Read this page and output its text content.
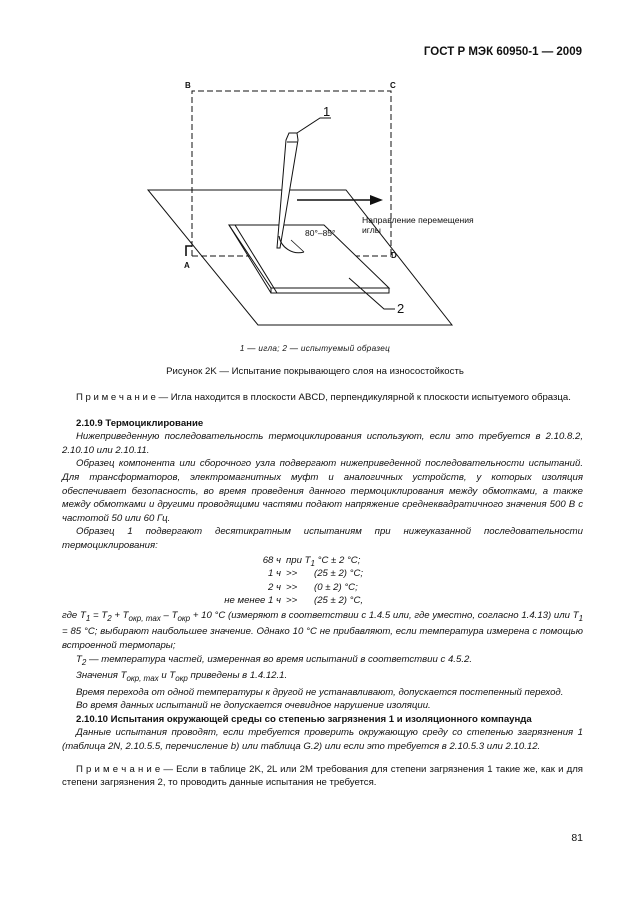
ГОСТ Р МЭК 60950-1 — 2009
B	C
A
D
1
2
80°–85°
Направление перемещения
иглы
1 — игла; 2 — испытуемый образец
Рисунок 2K — Испытание покрывающего слоя на износостойкость

П р и м е ч а н и е — Игла находится в плоскости ABCD, перпендикулярной к плоскости испытуемого образца.

2.10.9 Термоциклирование

Нижеприведенную последовательность термоциклирования используют, если это требуется в 2.10.8.2, 2.10.10 или 2.10.11.

Образец компонента или сборочного узла подвергают нижеприведенной последовательности испытаний. Для трансформаторов, электромагнитных муфт и аналогичных устройств, у которых изоляция обеспечивает безопасность, во время проведения данного термоциклирования между обмотками, а также между обмотками и другими проводящими частями подают напряжение среднеквадратичного значения 500 В с частотой 50 или 60 Гц.

Образец 1 подвергают десятикратным испытаниям при нижеуказанной последовательности термоциклирования:

68 ч при $T_1$ °C ± 2 °C;
1 ч >>	(25 ± 2) °C;
2 ч >>	(0 ± 2) °C;
не менее 1 ч >>	(25 ± 2) °C,

где $T_1 = T_2 + T_{окр, max} - T_{окр} + 10$ °C (измеряют в соответствии с 1.4.5 или, где уместно, согласно 1.4.13) или $T_1 = 85$ °C; выбирают наибольшее значение. Однако 10 °C не прибавляют, если температура измерена с помощью встроенной термопары;

$T_2$ — температура частей, измеренная во время испытаний в соответствии с 4.5.2.

Значения $T_{окр, max}$ и $T_{окр}$ приведены в 1.4.12.1.

Время перехода от одной температуры к другой не устанавливают, допускается постепенный переход.

Во время данных испытаний не допускается очевидное нарушение изоляции.

2.10.10 Испытания окружающей среды со степенью загрязнения 1 и изоляционного компаунда

Данные испытания проводят, если требуется проверить окружающую среду со степенью загрязнения 1 (таблица 2N, 2.10.5.5, перечисление b) или таблица G.2) или если это требуется в 2.10.5.3 или 2.10.12.

П р и м е ч а н и е — Если в таблице 2K, 2L или 2M требования для степени загрязнения 1 такие же, как и для степени загрязнения 2, то проводить данные испытания не требуется.

81
